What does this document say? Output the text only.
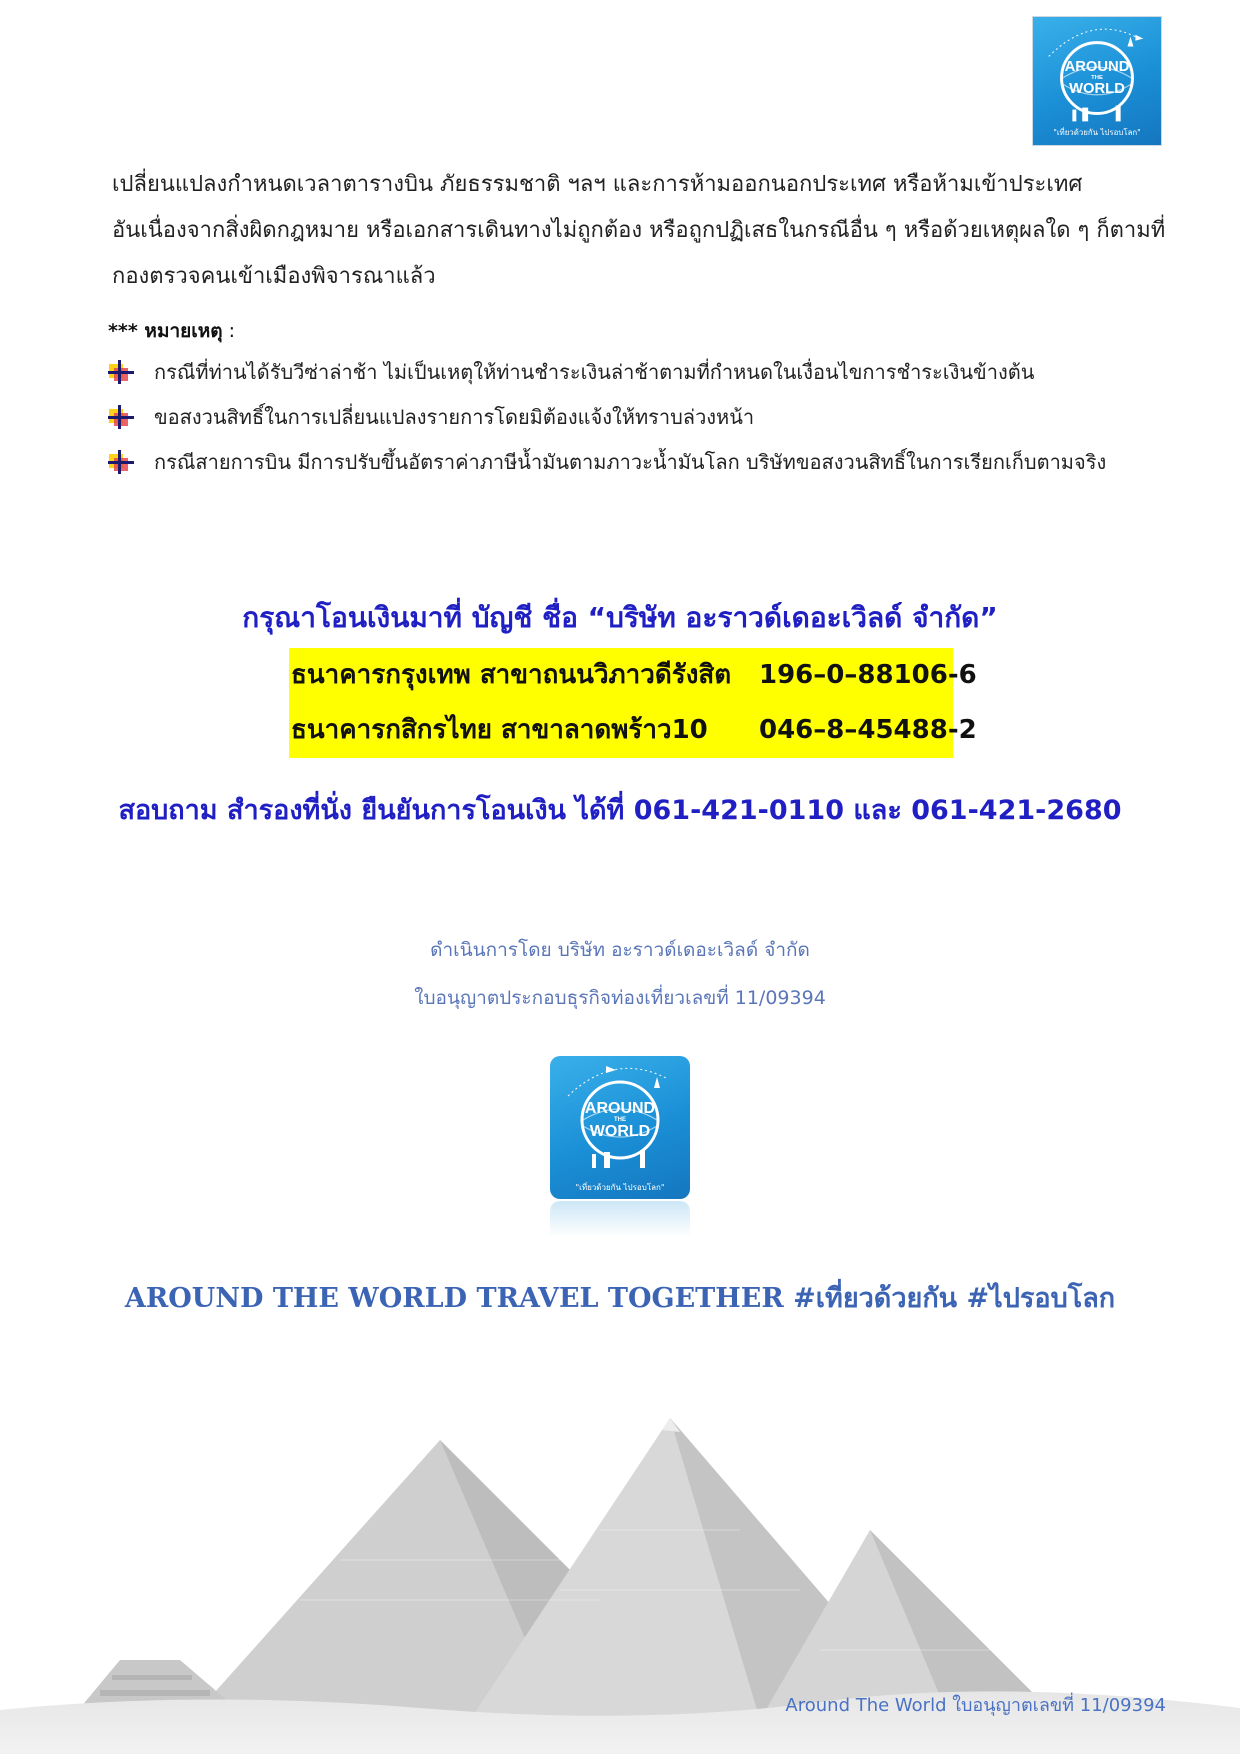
AROUND
THE
WORLD
"เที่ยวด้วยกัน ไปรอบโลก"

เปลี่ยนแปลงกำหนดเวลาตารางบิน ภัยธรรมชาติ ฯลฯ และการห้ามออกนอกประเทศ หรือห้ามเข้าประเทศ

อันเนื่องจากสิ่งผิดกฎหมาย หรือเอกสารเดินทางไม่ถูกต้อง หรือถูกปฏิเสธในกรณีอื่น ๆ หรือด้วยเหตุผลใด ๆ ก็ตามที่

กองตรวจคนเข้าเมืองพิจารณาแล้ว

*** หมายเหตุ :
กรณีที่ท่านได้รับวีซ่าล่าช้า ไม่เป็นเหตุให้ท่านชำระเงินล่าช้าตามที่กำหนดในเงื่อนไขการชำระเงินข้างต้น
ขอสงวนสิทธิ์ในการเปลี่ยนแปลงรายการโดยมิต้องแจ้งให้ทราบล่วงหน้า
กรณีสายการบิน มีการปรับขึ้นอัตราค่าภาษีน้ำมันตามภาวะน้ำมันโลก บริษัทขอสงวนสิทธิ์ในการเรียกเก็บตามจริง
กรุณาโอนเงินมาที่ บัญชี ชื่อ “บริษัท อะราวด์เดอะเวิลด์ จำกัด”
ธนาคารกรุงเทพ สาขาถนนวิภาวดีรังสิต 196–0–88106-6
ธนาคารกสิกรไทย สาขาลาดพร้าว10 046–8–45488-2
สอบถาม สำรองที่นั่ง ยืนยันการโอนเงิน ได้ที่ 061-421-0110 และ 061-421-2680
ดำเนินการโดย บริษัท อะราวด์เดอะเวิลด์ จำกัด
ใบอนุญาตประกอบธุรกิจท่องเที่ยวเลขที่ 11/09394
AROUND
THE
WORLD
"เที่ยวด้วยกัน ไปรอบโลก"
AROUND THE WORLD TRAVEL TOGETHER #เที่ยวด้วยกัน #ไปรอบโลก
Around The World ใบอนุญาตเลขที่ 11/09394
